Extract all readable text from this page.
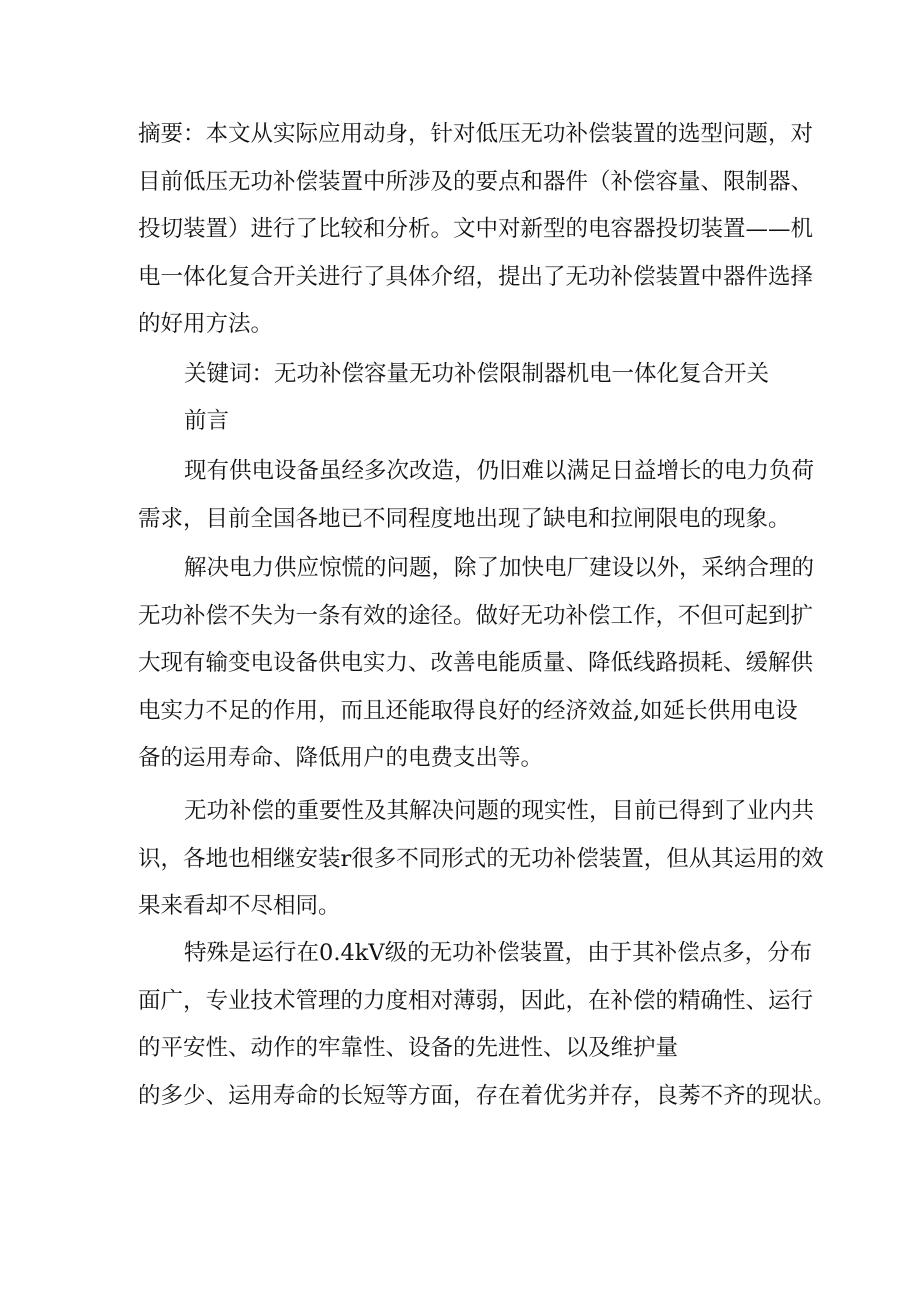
摘要：本文从实际应用动身，针对低压无功补偿装置的选型问题，对
目前低压无功补偿装置中所涉及的要点和器件（补偿容量、限制器、
投切装置）进行了比较和分析。文中对新型的电容器投切装置——机
电一体化复合开关进行了具体介绍，提出了无功补偿装置中器件选择
的好用方法。
关键词：无功补偿容量无功补偿限制器机电一体化复合开关
前言
现有供电设备虽经多次改造，仍旧难以满足日益增长的电力负荷
需求，目前全国各地已不同程度地出现了缺电和拉闸限电的现象。
解决电力供应惊慌的问题，除了加快电厂建设以外，采纳合理的
无功补偿不失为一条有效的途径。做好无功补偿工作，不但可起到扩
大现有输变电设备供电实力、改善电能质量、降低线路损耗、缓解供
电实力不足的作用，而且还能取得良好的经济效益,如延长供用电设
备的运用寿命、降低用户的电费支出等。
无功补偿的重要性及其解决问题的现实性，目前已得到了业内共
识，各地也相继安装r很多不同形式的无功补偿装置，但从其运用的效
果来看却不尽相同。
特殊是运行在0.4kV级的无功补偿装置，由于其补偿点多，分布
面广，专业技术管理的力度相对薄弱，因此，在补偿的精确性、运行
的平安性、动作的牢靠性、设备的先进性、以及维护量
的多少、运用寿命的长短等方面，存在着优劣并存，良莠不齐的现状。
